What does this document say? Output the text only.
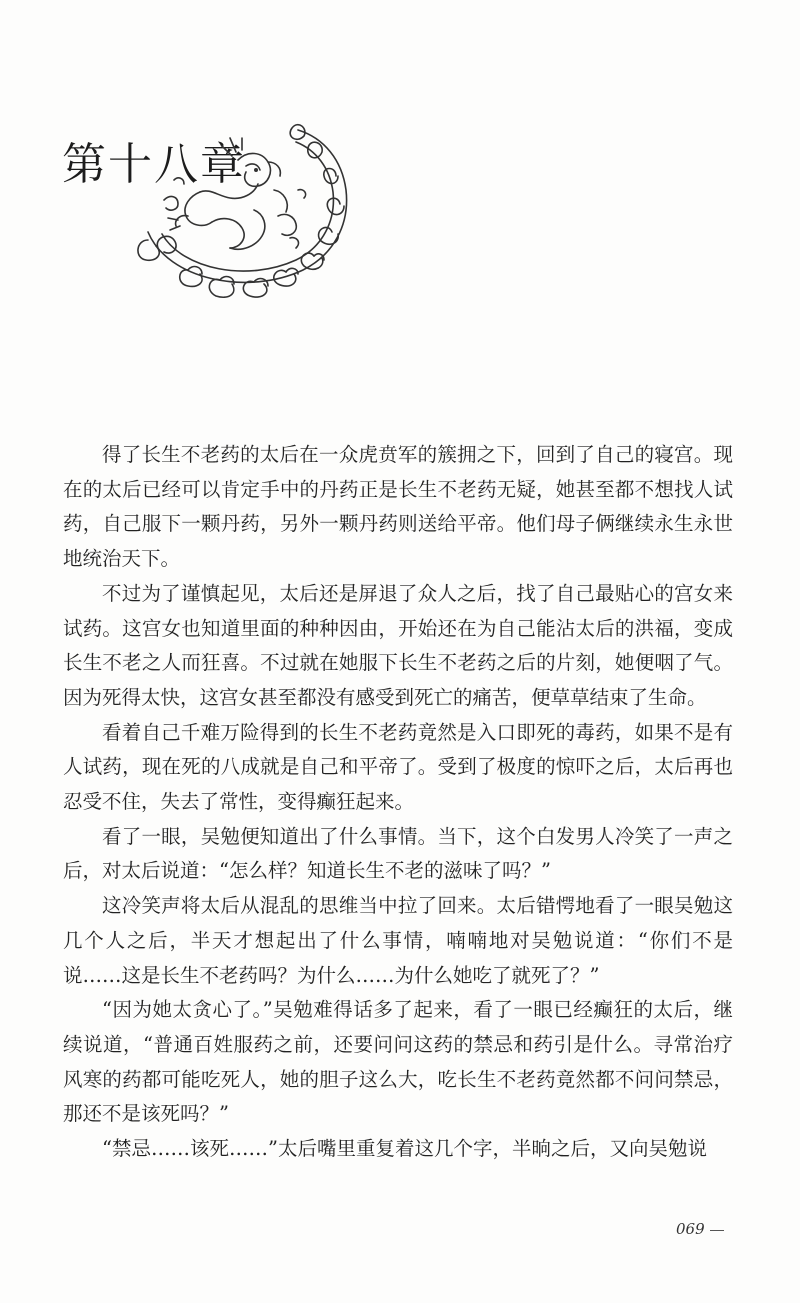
第十八章

得了长生不老药的太后在一众虎贲军的簇拥之下，回到了自己的寝宫。现在的太后已经可以肯定手中的丹药正是长生不老药无疑，她甚至都不想找人试药，自己服下一颗丹药，另外一颗丹药则送给平帝。他们母子俩继续永生永世地统治天下。

不过为了谨慎起见，太后还是屏退了众人之后，找了自己最贴心的宫女来试药。这宫女也知道里面的种种因由，开始还在为自己能沾太后的洪福，变成长生不老之人而狂喜。不过就在她服下长生不老药之后的片刻，她便咽了气。因为死得太快，这宫女甚至都没有感受到死亡的痛苦，便草草结束了生命。

看着自己千难万险得到的长生不老药竟然是入口即死的毒药，如果不是有人试药，现在死的八成就是自己和平帝了。受到了极度的惊吓之后，太后再也忍受不住，失去了常性，变得癫狂起来。

看了一眼，吴勉便知道出了什么事情。当下，这个白发男人冷笑了一声之后，对太后说道：“怎么样？知道长生不老的滋味了吗？”

这冷笑声将太后从混乱的思维当中拉了回来。太后错愕地看了一眼吴勉这几个人之后，半天才想起出了什么事情，喃喃地对吴勉说道：“你们不是说……这是长生不老药吗？为什么……为什么她吃了就死了？”

“因为她太贪心了。”吴勉难得话多了起来，看了一眼已经癫狂的太后，继续说道，“普通百姓服药之前，还要问问这药的禁忌和药引是什么。寻常治疗风寒的药都可能吃死人，她的胆子这么大，吃长生不老药竟然都不问问禁忌，那还不是该死吗？”

“禁忌……该死……”太后嘴里重复着这几个字，半晌之后，又向吴勉说

069
